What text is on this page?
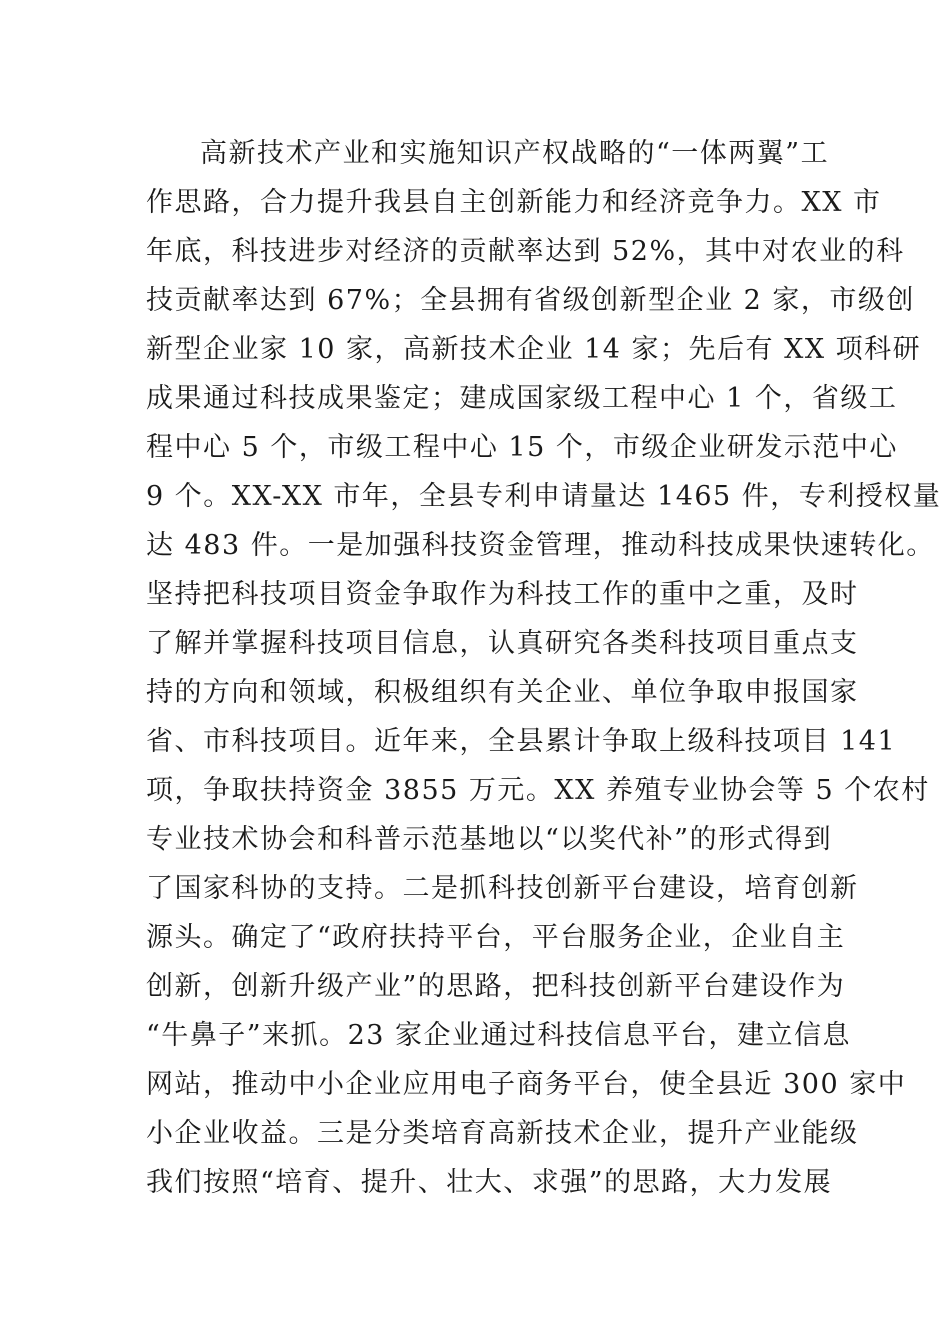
高新技术产业和实施知识产权战略的“一体两翼”工
作思路，合力提升我县自主创新能力和经济竞争力。XX 市
年底，科技进步对经济的贡献率达到 52%，其中对农业的科
技贡献率达到 67%；全县拥有省级创新型企业 2 家，市级创
新型企业家 10 家，高新技术企业 14 家；先后有 XX 项科研
成果通过科技成果鉴定；建成国家级工程中心 1 个，省级工
程中心 5 个，市级工程中心 15 个，市级企业研发示范中心
9 个。XX-XX 市年，全县专利申请量达 1465 件，专利授权量
达 483 件。一是加强科技资金管理，推动科技成果快速转化。
坚持把科技项目资金争取作为科技工作的重中之重，及时
了解并掌握科技项目信息，认真研究各类科技项目重点支
持的方向和领域，积极组织有关企业、单位争取申报国家
省、市科技项目。近年来，全县累计争取上级科技项目 141
项，争取扶持资金 3855 万元。XX 养殖专业协会等 5 个农村
专业技术协会和科普示范基地以“以奖代补”的形式得到
了国家科协的支持。二是抓科技创新平台建设，培育创新
源头。确定了“政府扶持平台，平台服务企业，企业自主
创新，创新升级产业”的思路，把科技创新平台建设作为
“牛鼻子”来抓。23 家企业通过科技信息平台，建立信息
网站，推动中小企业应用电子商务平台，使全县近 300 家中
小企业收益。三是分类培育高新技术企业，提升产业能级
我们按照“培育、提升、壮大、求强”的思路，大力发展
